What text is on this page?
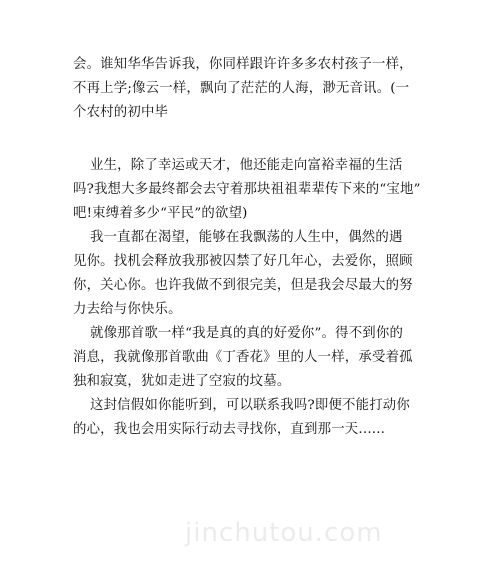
会。谁知华华告诉我，你同样跟许许多多农村孩子一样，
不再上学;像云一样，飘向了茫茫的人海，渺无音讯。(一
个农村的初中毕
业生，除了幸运或天才，他还能走向富裕幸福的生活
吗?我想大多最终都会去守着那块祖祖辈辈传下来的“宝地”
吧!束缚着多少“平民”的欲望)
我一直都在渴望，能够在我飘荡的人生中，偶然的遇
见你。找机会释放我那被囚禁了好几年心，去爱你，照顾
你，关心你。也许我做不到很完美，但是我会尽最大的努
力去给与你快乐。
就像那首歌一样“我是真的真的好爱你”。得不到你的
消息，我就像那首歌曲《丁香花》里的人一样，承受着孤
独和寂寞，犹如走进了空寂的坟墓。
这封信假如你能听到，可以联系我吗?即便不能打动你
的心，我也会用实际行动去寻找你，直到那一天......
jinchutou.com
